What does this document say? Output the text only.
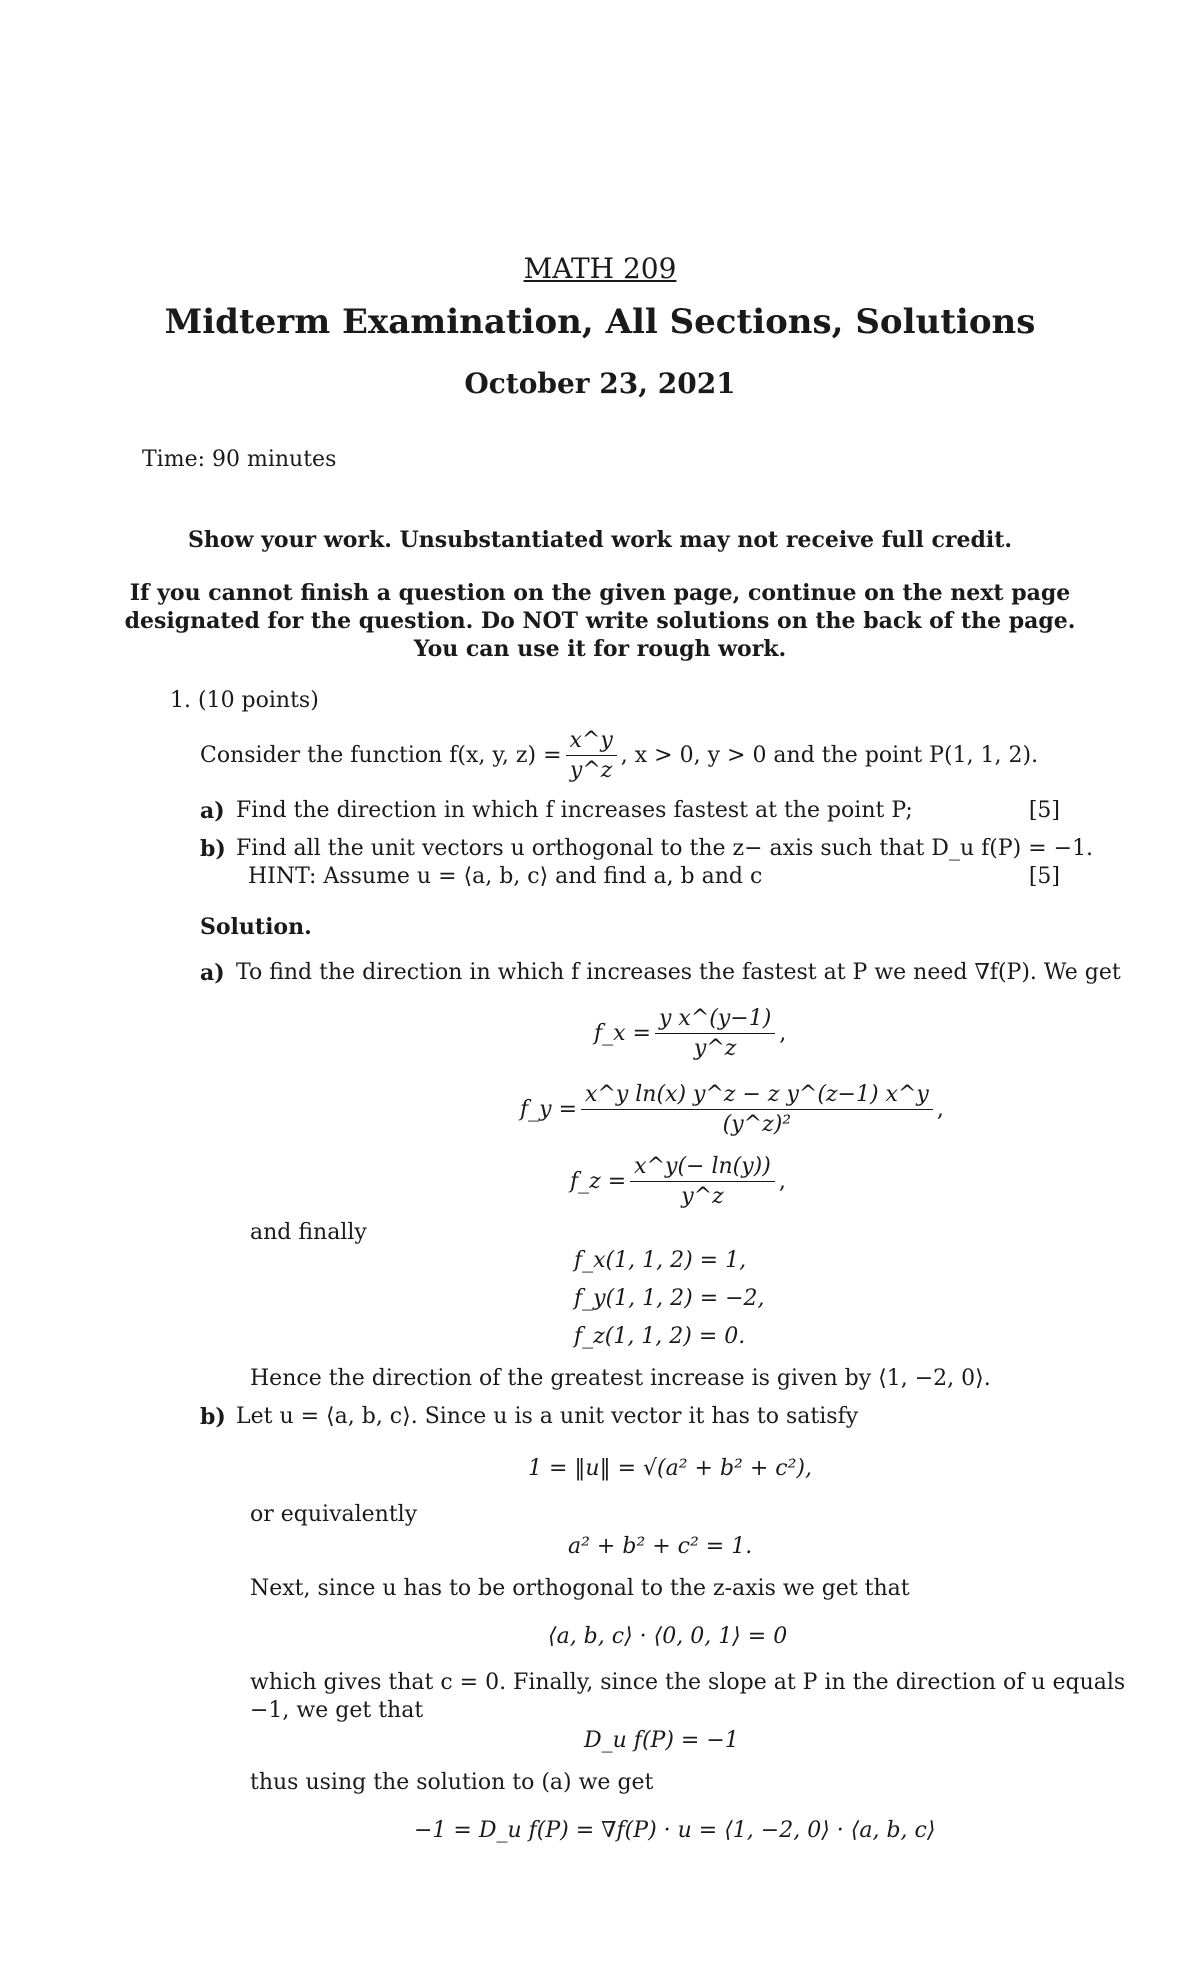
MATH 209
Midterm Examination, All Sections, Solutions
October 23, 2021
Time: 90 minutes
Show your work. Unsubstantiated work may not receive full credit.
If you cannot finish a question on the given page, continue on the next page
designated for the question. Do NOT write solutions on the back of the page.
You can use it for rough work.
1. (10 points)
Consider the function f(x, y, $z) = \frac{x\^{}y}{y\^{}z}$ , x > 0, y > 0 and the point P(1, 1, 2).
a) Find the direction in which f increases fastest at the point P;	[5]
b) Find all the unit vectors u orthogonal to the z− axis such that D_u f(P) = −1.
HINT: Assume u = ⟨a, b, c⟩ and find a, b and c	[5]
Solution.
a) To find the direction in which f increases the fastest at P we need ∇f(P). We get
f_x = $\frac{\text{y x\textasciicircum{}(y−1)}}{y\^{}z}$ ,
f_y = $\frac{\text{x\textasciicircum{}y ln(x) y\textasciicircum{}z − z y\textasciicircum{}(z−1) x\textasciicircum{}y}}{\text{(y\textasciicircum{}z)²}}$ ,
f_z = $\frac{x\^{}y(- \ln(y))}{y\^{}z}$ ,
and finally
f_x(1, 1, 2) = 1,
f_y(1, 1, 2) = −2,
f_z(1, 1, 2) = 0.
Hence the direction of the greatest increase is given by ⟨1, −2, 0⟩.
b) Let u = ⟨a, b, c⟩. Since u is a unit vector it has to satisfy
1 = ‖u‖ = √(a² + b² + c²),
or equivalently
a² + b² + c² = 1.
Next, since u has to be orthogonal to the z-axis we get that
⟨a, b, c⟩ · ⟨0, 0, 1⟩ = 0
which gives that c = 0. Finally, since the slope at P in the direction of u equals
−1, we get that
D_u f(P) = −1
thus using the solution to (a) we get
−1 = D_u f(P) = ∇f(P) · u = ⟨1, −2, 0⟩ · ⟨a, b, c⟩
